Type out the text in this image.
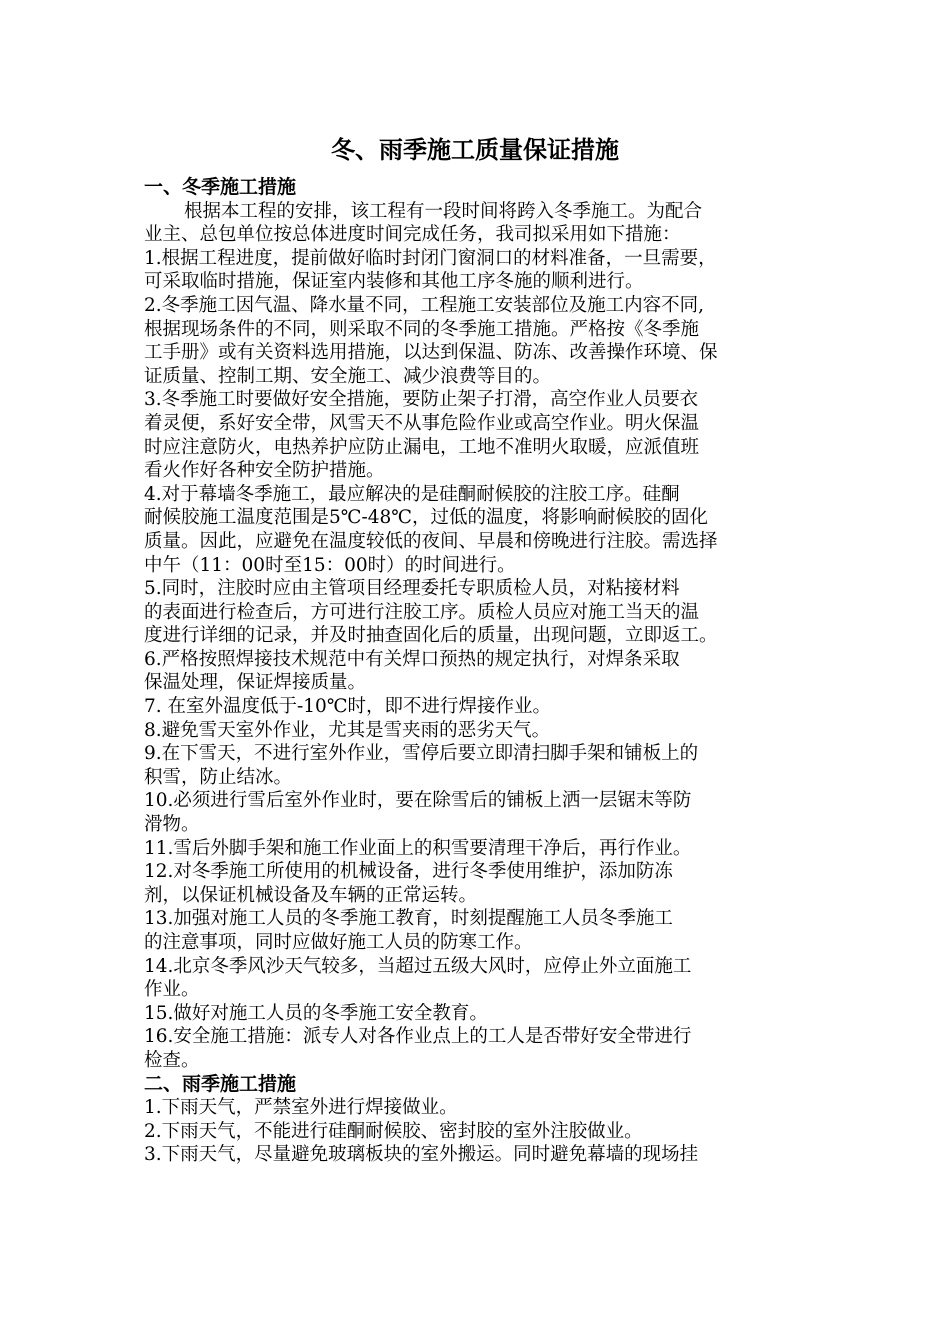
冬、雨季施工质量保证措施
一、冬季施工措施
根据本工程的安排，该工程有一段时间将跨入冬季施工。为配合
业主、总包单位按总体进度时间完成任务，我司拟采用如下措施：
1.根据工程进度，提前做好临时封闭门窗洞口的材料准备，一旦需要，
可采取临时措施，保证室内装修和其他工序冬施的顺利进行。
2.冬季施工因气温、降水量不同，工程施工安装部位及施工内容不同,
根据现场条件的不同，则采取不同的冬季施工措施。严格按《冬季施
工手册》或有关资料选用措施，以达到保温、防冻、改善操作环境、保
证质量、控制工期、安全施工、减少浪费等目的。
3.冬季施工时要做好安全措施，要防止架子打滑，高空作业人员要衣
着灵便，系好安全带，风雪天不从事危险作业或高空作业。明火保温
时应注意防火，电热养护应防止漏电，工地不准明火取暖，应派值班
看火作好各种安全防护措施。
4.对于幕墙冬季施工，最应解决的是硅酮耐候胶的注胶工序。硅酮
耐候胶施工温度范围是5℃-48℃，过低的温度，将影响耐候胶的固化
质量。因此，应避免在温度较低的夜间、早晨和傍晚进行注胶。需选择
中午（11：00时至15：00时）的时间进行。
5.同时，注胶时应由主管项目经理委托专职质检人员，对粘接材料
的表面进行检查后，方可进行注胶工序。质检人员应对施工当天的温
度进行详细的记录，并及时抽查固化后的质量，出现问题，立即返工。
6.严格按照焊接技术规范中有关焊口预热的规定执行，对焊条采取
保温处理，保证焊接质量。
7. 在室外温度低于-10℃时，即不进行焊接作业。
8.避免雪天室外作业，尤其是雪夹雨的恶劣天气。
9.在下雪天，不进行室外作业，雪停后要立即清扫脚手架和铺板上的
积雪，防止结冰。
10.必须进行雪后室外作业时，要在除雪后的铺板上洒一层锯末等防
滑物。
11.雪后外脚手架和施工作业面上的积雪要清理干净后，再行作业。
12.对冬季施工所使用的机械设备，进行冬季使用维护，添加防冻
剂，以保证机械设备及车辆的正常运转。
13.加强对施工人员的冬季施工教育，时刻提醒施工人员冬季施工
的注意事项，同时应做好施工人员的防寒工作。
14.北京冬季风沙天气较多，当超过五级大风时，应停止外立面施工
作业。
15.做好对施工人员的冬季施工安全教育。
16.安全施工措施：派专人对各作业点上的工人是否带好安全带进行
检查。
二、雨季施工措施
1.下雨天气，严禁室外进行焊接做业。
2.下雨天气，不能进行硅酮耐候胶、密封胶的室外注胶做业。
3.下雨天气，尽量避免玻璃板块的室外搬运。同时避免幕墙的现场挂
